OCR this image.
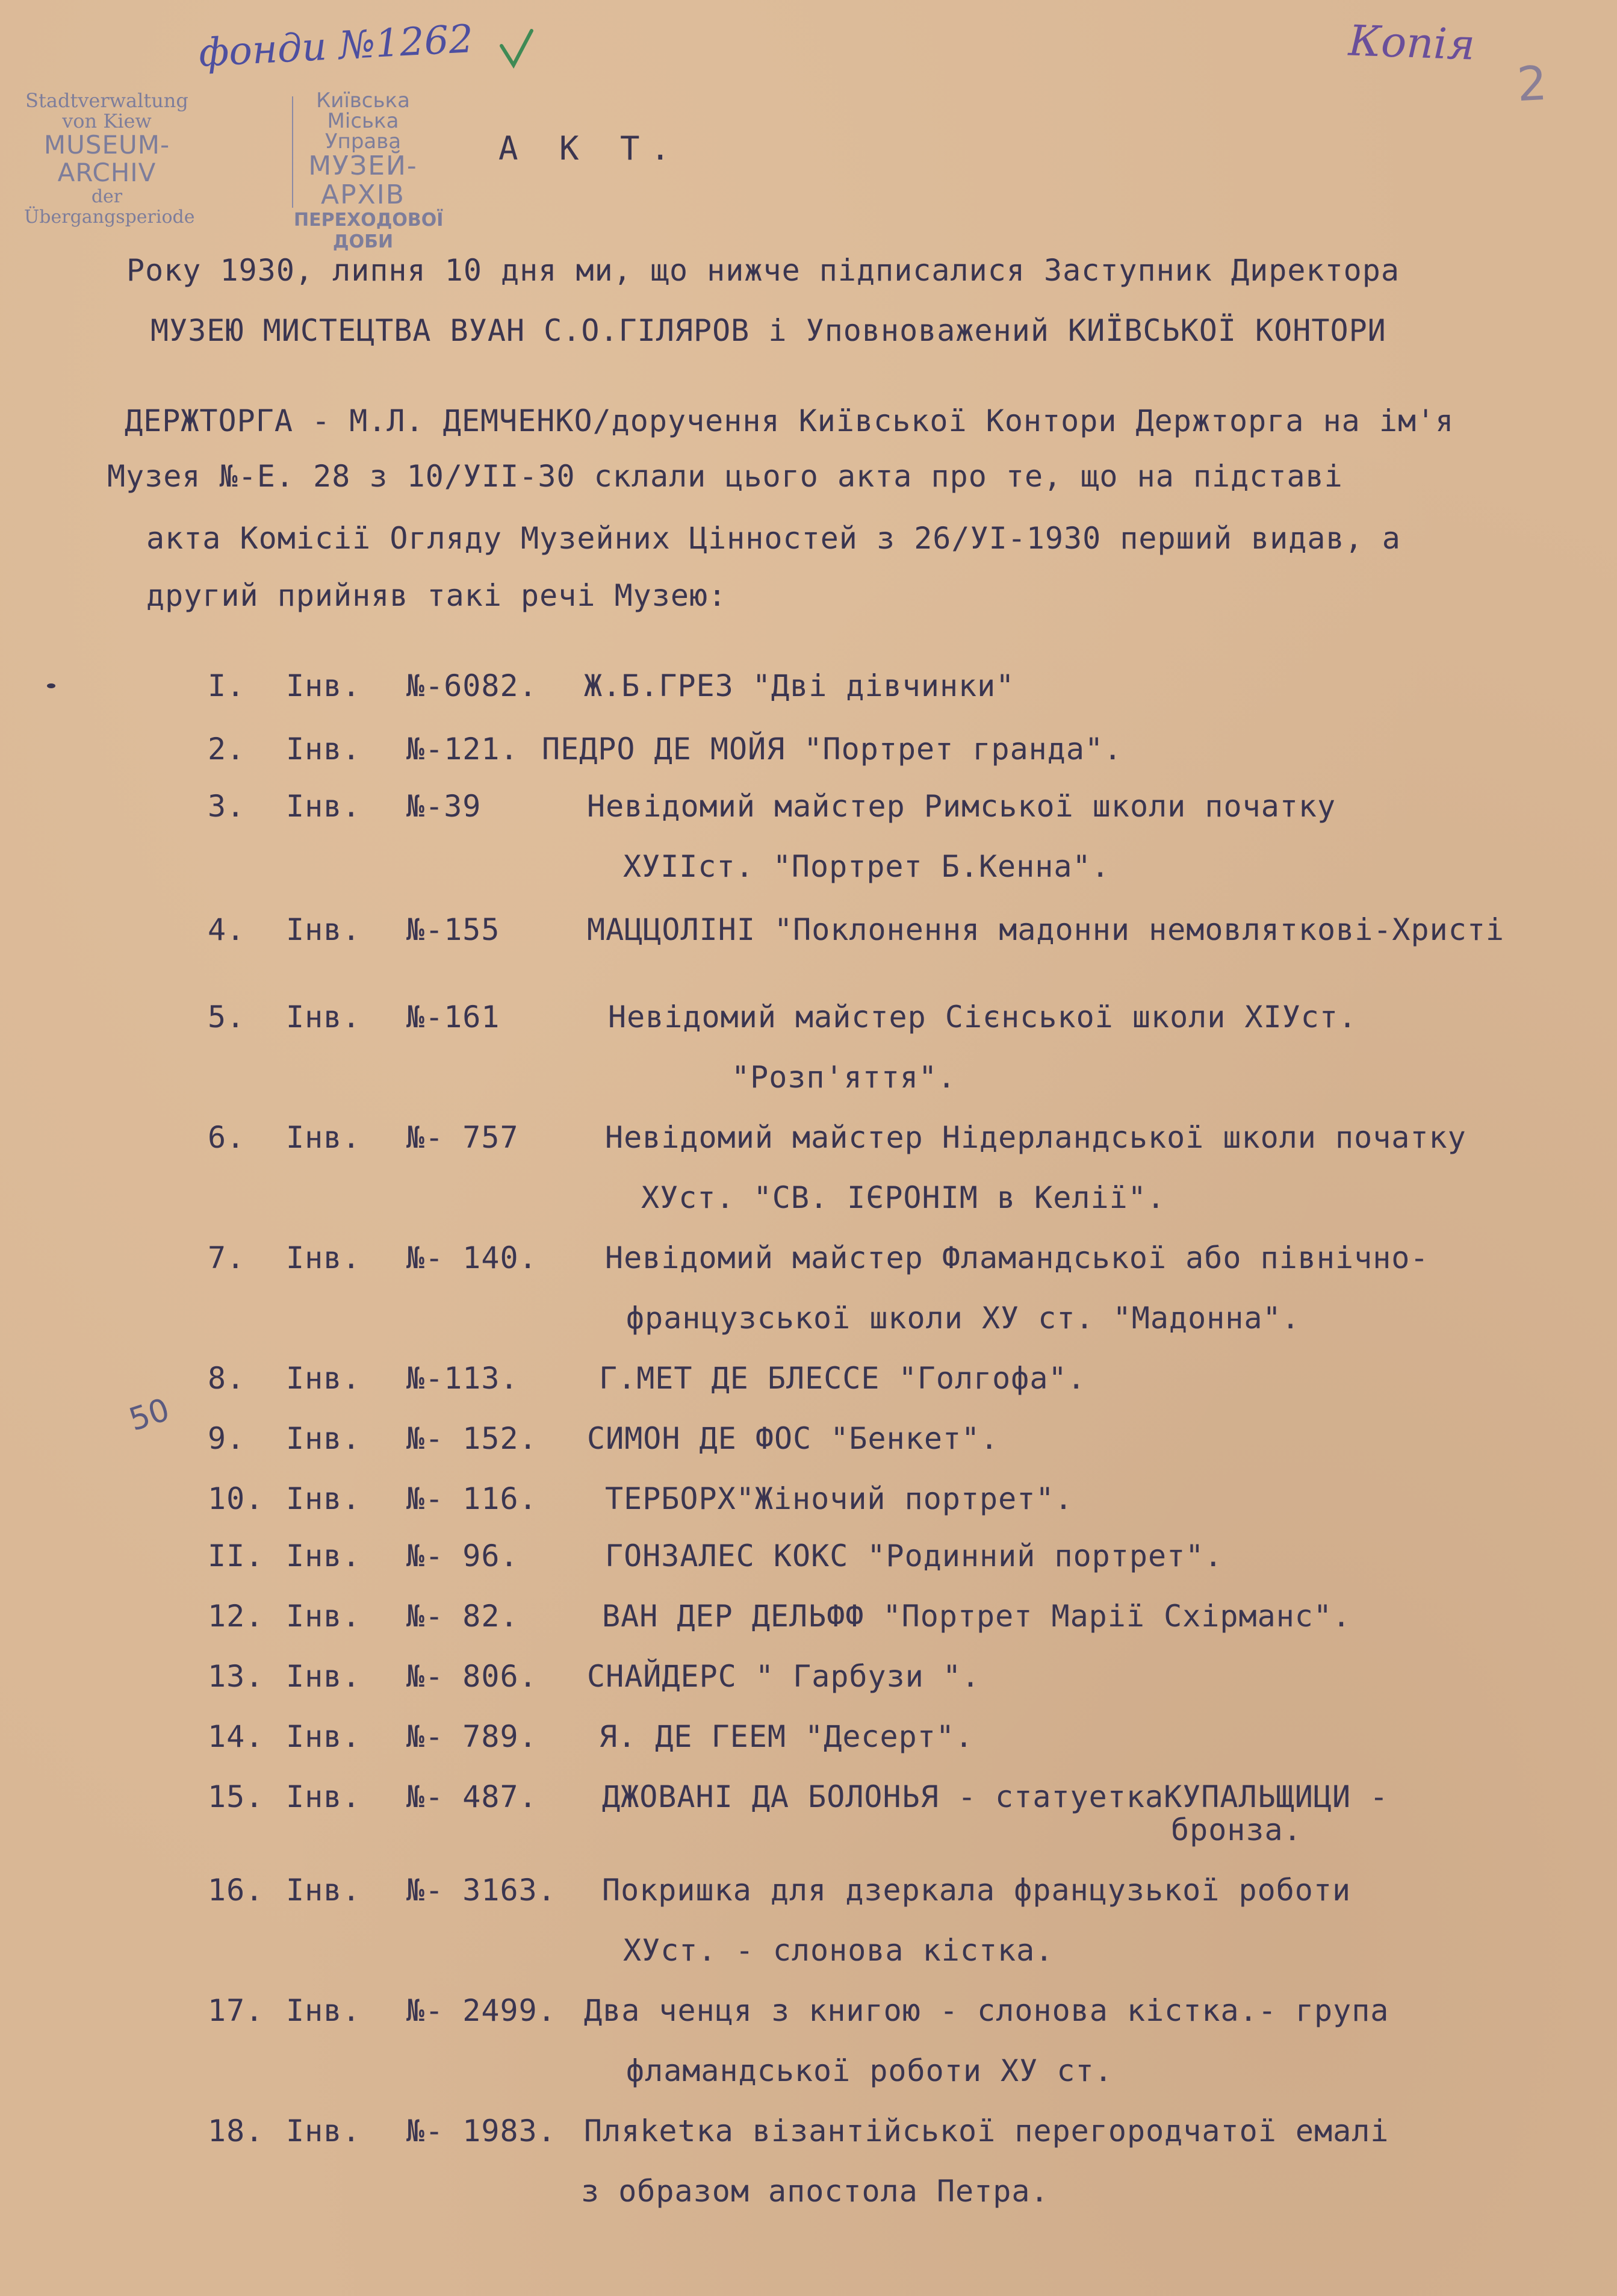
фонди №1262	Копія
2
Stadtverwaltung
von Kiew
MUSEUM-ARCHIV
der Übergangsperiode
Київська
Міська Управа
МУЗЕЙ-АРХІВ
ПЕРЕХОДОВОЇ ДОБИ
А К Т.
Року 1930, липня 10 дня ми, що нижче підписалися Заступник Директора
МУЗЕЮ МИСТЕЦТВА ВУАН С.О.ГІЛЯРОВ і Уповноважений КИЇВСЬКОЇ КОНТОРИ
ДЕРЖТОРГА - М.Л. ДЕМЧЕНКО/доручення Київської Контори Держторга на ім'я
Музея №-Е. 28 з 10/УІІ-30 склали цього акта про те, що на підставі
акта Комісії Огляду Музейних Цінностей з 26/УІ-1930 перший видав, а
другий прийняв такі речі Музею:
50
I. Інв. №-6082.	Ж.Б.ГРЕЗ "Дві дівчинки"
2. Інв. №-121. ПЕДРО ДЕ МОЙЯ "Портрет гранда".
3. Інв. №-39	Невідомий майстер Римської школи початку
ХУІІст. "Портрет Б.Кенна".
4. Інв. №-155	МАЦЦОЛІНІ "Поклонення мадонни немовлятковi-Христі
5. Інв. №-161	Невідомий майстер Сієнської школи ХІУст.
"Розп'яття".
6. Інв. №- 757	Невідомий майстер Нідерландської школи початку
ХУст. "СВ. ІЄРОНІМ в Келії".
7. Інв. №- 140.	Невідомий майстер Фламандської або північно-
французської школи ХУ ст. "Мадонна".
8. Інв. №-113.	Г.МЕТ ДЕ БЛЕССЕ "Голгофа".
9. Інв. №- 152.	СИМОН ДЕ ФОС "Бенкет".
10. Інв. №- 116.	ТЕРБОРХ"Жіночий портрет".
II. Інв. №- 96.	ГОНЗАЛЕС КОКС "Родинний портрет".
12. Інв. №- 82.	ВАН ДЕР ДЕЛЬФФ "Портрет Марії Схірманс".
13. Інв. №- 806.	СНАЙДЕРС " Гарбузи ".
14. Інв. №- 789.	Я. ДЕ ГЕЕМ "Десерт".
15. Інв. №- 487.	ДЖОВАНІ ДА БОЛОНЬЯ - статуеткаКУПАЛЬЩИЦИ -
бронза.
16. Інв. №- 3163.	Покришка для дзеркала французької роботи
ХУст. - слонова кістка.
17. Інв. №- 2499. Два ченця з книгою - слонова кістка.- група
фламандської роботи ХУ ст.
18. Інв. №- 1983. Пляketка візантійської перегородчатої емалі
з образом апостола Петра.
